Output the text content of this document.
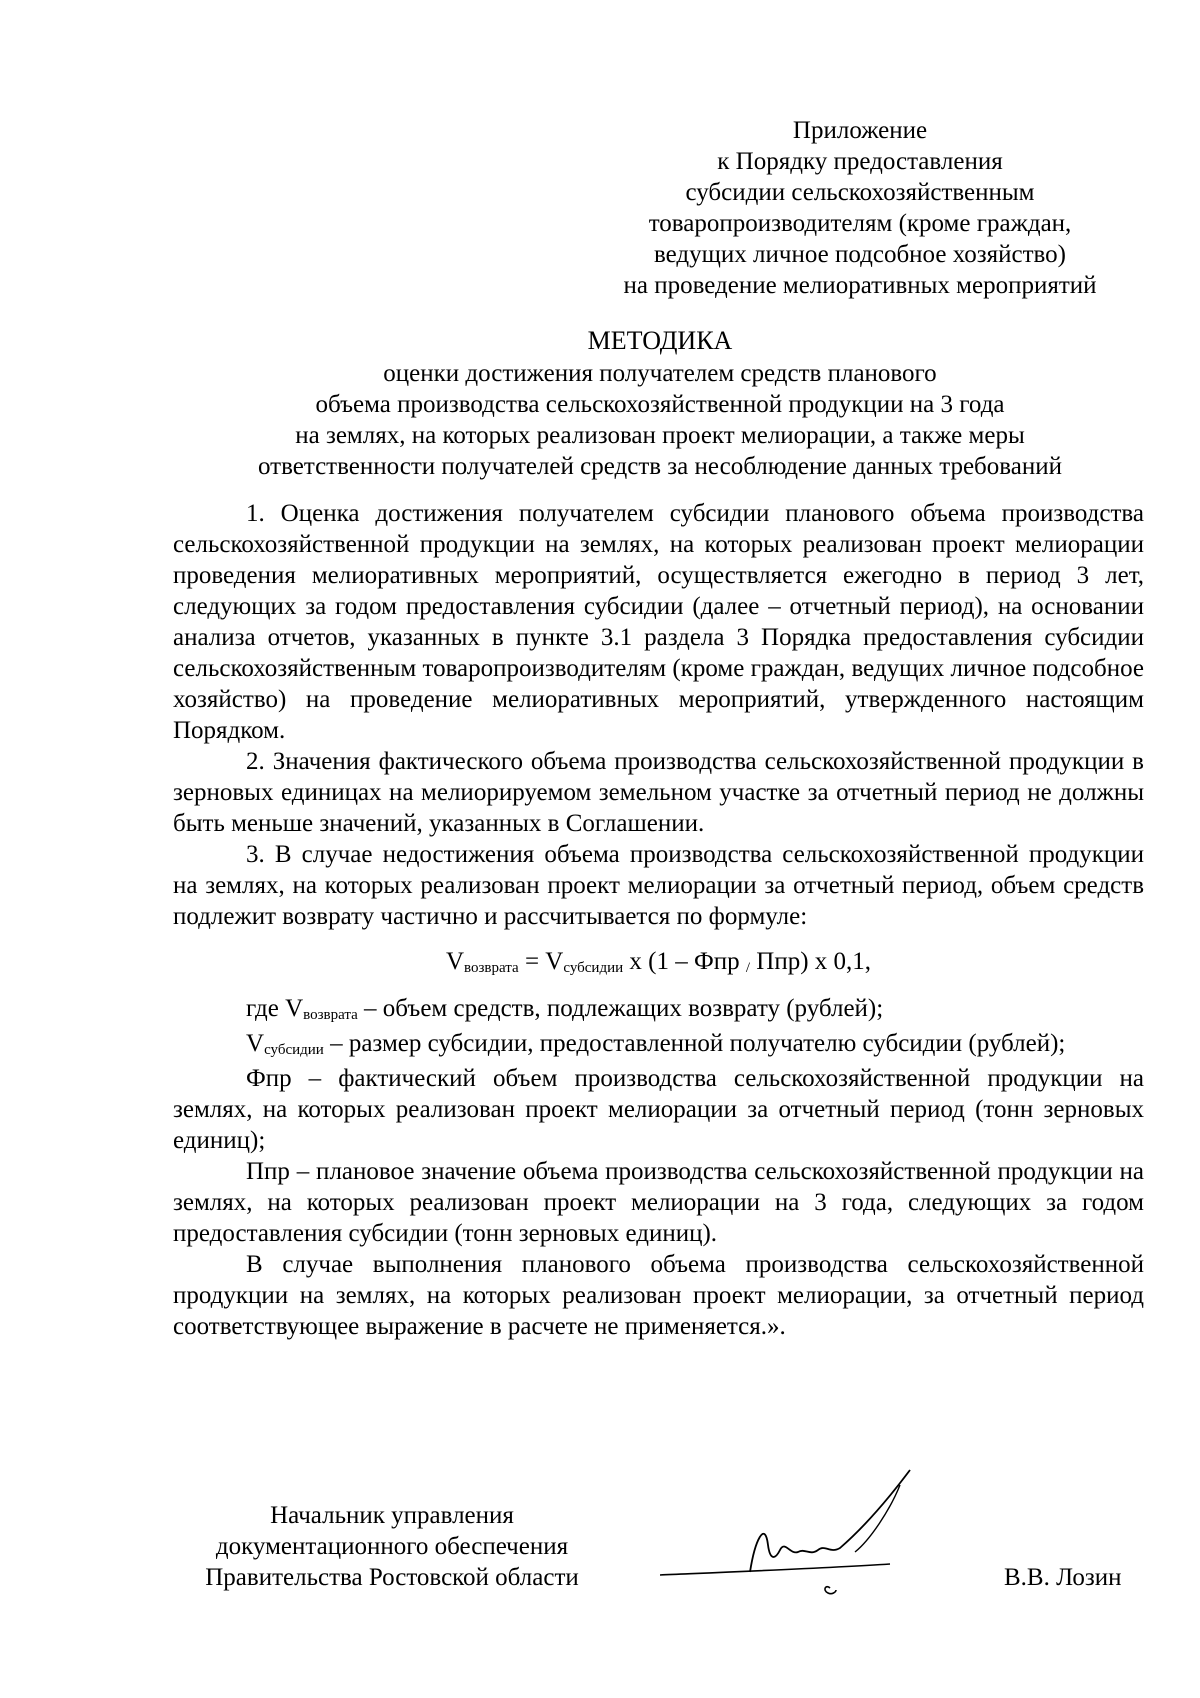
Приложение
к Порядку предоставления
субсидии сельскохозяйственным
товаропроизводителям (кроме граждан,
ведущих личное подсобное хозяйство)
на проведение мелиоративных мероприятий
МЕТОДИКА
оценки достижения получателем средств планового
объема производства сельскохозяйственной продукции на 3 года
на землях, на которых реализован проект мелиорации, а также меры
ответственности получателей средств за несоблюдение данных требований

1. Оценка достижения получателем субсидии планового объема производства сельскохозяйственной продукции на землях, на которых реализован проект мелиорации проведения мелиоративных мероприятий, осуществляется ежегодно в период 3 лет, следующих за годом предоставления субсидии (далее – отчетный период), на основании анализа отчетов, указанных в пункте 3.1 раздела 3 Порядка предоставления субсидии сельскохозяйственным товаропроизводителям (кроме граждан, ведущих личное подсобное хозяйство) на проведение мелиоративных мероприятий, утвержденного настоящим Порядком.

2. Значения фактического объема производства сельскохозяйственной продукции в зерновых единицах на мелиорируемом земельном участке за отчетный период не должны быть меньше значений, указанных в Соглашении.

3. В случае недостижения объема производства сельскохозяйственной продукции на землях, на которых реализован проект мелиорации за отчетный период, объем средств подлежит возврату частично и рассчитывается по формуле:

$V_{возврата} = V_{субсидии}$ х (1 – Фпр $_/$ Ппр) х 0,1,

где $V_{возврата}$ – объем средств, подлежащих возврату (рублей);

$V_{субсидии}$ – размер субсидии, предоставленной получателю субсидии (рублей);

Фпр – фактический объем производства сельскохозяйственной продукции на землях, на которых реализован проект мелиорации за отчетный период (тонн зерновых единиц);

Ппр – плановое значение объема производства сельскохозяйственной продукции на землях, на которых реализован проект мелиорации на 3 года, следующих за годом предоставления субсидии (тонн зерновых единиц).

В случае выполнения планового объема производства сельскохозяйственной продукции на землях, на которых реализован проект мелиорации, за отчетный период соответствующее выражение в расчете не применяется.».

Начальник управления
документационного обеспечения
Правительства Ростовской области	В.В. Лозин
